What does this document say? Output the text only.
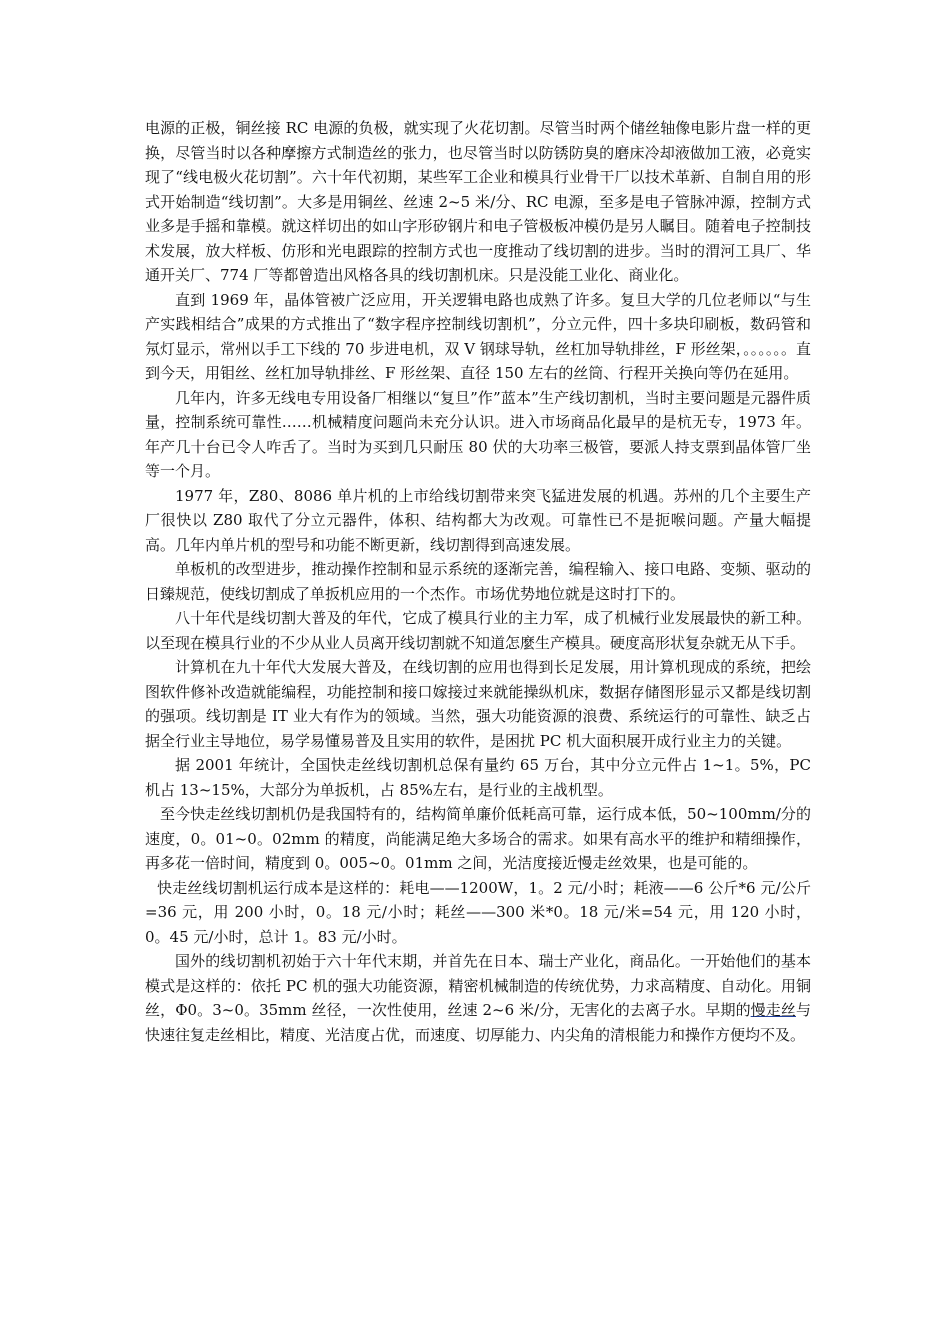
电源的正极，铜丝接 RC 电源的负极，就实现了火花切割。尽管当时两个储丝轴像电影片盘一样的更换，尽管当时以各种摩擦方式制造丝的张力，也尽管当时以防锈防臭的磨床冷却液做加工液，必竟实现了“线电极火花切割”。六十年代初期，某些军工企业和模具行业骨干厂以技术革新、自制自用的形式开始制造“线切割”。大多是用铜丝、丝速 2~5 米/分、RC 电源，至多是电子管脉冲源，控制方式业多是手摇和靠模。就这样切出的如山字形矽钢片和电子管极板冲模仍是另人瞩目。随着电子控制技术发展，放大样板、仿形和光电跟踪的控制方式也一度推动了线切割的进步。当时的渭河工具厂、华通开关厂、774 厂等都曾造出风格各具的线切割机床。只是没能工业化、商业化。

直到 1969 年，晶体管被广泛应用，开关逻辑电路也成熟了许多。复旦大学的几位老师以“与生产实践相结合”成果的方式推出了“数字程序控制线切割机”，分立元件，四十多块印刷板，数码管和氖灯显示，常州以手工下线的 70 步进电机，双 V 钢球导轨，丝杠加导轨排丝，F 形丝架，。。。。。。直到今天，用钼丝、丝杠加导轨排丝、F 形丝架、直径 150 左右的丝筒、行程开关换向等仍在延用。

几年内，许多无线电专用设备厂相继以“复旦”作”蓝本”生产线切割机，当时主要问题是元器件质量，控制系统可靠性……机械精度问题尚未充分认识。进入市场商品化最早的是杭无专，1973 年。年产几十台已令人咋舌了。当时为买到几只耐压 80 伏的大功率三极管，要派人持支票到晶体管厂坐等一个月。

1977 年，Z80、8086 单片机的上市给线切割带来突飞猛进发展的机遇。苏州的几个主要生产厂很快以 Z80 取代了分立元器件，体积、结构都大为改观。可靠性已不是扼喉问题。产量大幅提高。几年内单片机的型号和功能不断更新，线切割得到高速发展。

单板机的改型进步，推动操作控制和显示系统的逐渐完善，编程输入、接口电路、变频、驱动的日臻规范，使线切割成了单扳机应用的一个杰作。市场优势地位就是这时打下的。

八十年代是线切割大普及的年代，它成了模具行业的主力军，成了机械行业发展最快的新工种。以至现在模具行业的不少从业人员离开线切割就不知道怎麼生产模具。硬度高形状复杂就无从下手。

计算机在九十年代大发展大普及，在线切割的应用也得到长足发展，用计算机现成的系统，把绘图软件修补改造就能编程，功能控制和接口嫁接过来就能操纵机床，数据存储图形显示又都是线切割的强项。线切割是 IT 业大有作为的领域。当然，强大功能资源的浪费、系统运行的可靠性、缺乏占据全行业主导地位，易学易懂易普及且实用的软件，是困扰 PC 机大面积展开成行业主力的关键。

据 2001 年统计，全国快走丝线切割机总保有量约 65 万台，其中分立元件占 1~1。5%，PC 机占 13~15%，大部分为单扳机，占 85%左右，是行业的主战机型。

至今快走丝线切割机仍是我国特有的，结构简单廉价低耗高可靠，运行成本低，50~100mm/分的速度，0。01~0。02mm 的精度，尚能满足绝大多场合的需求。如果有高水平的维护和精细操作，再多花一倍时间，精度到 0。005~0。01mm 之间，光洁度接近慢走丝效果，也是可能的。

快走丝线切割机运行成本是这样的：耗电——1200W，1。2 元/小时；耗液——6 公斤*6 元/公斤=36 元，用 200 小时，0。18 元/小时；耗丝——300 米*0。18 元/米=54 元，用 120 小时，0。45 元/小时，总计 1。83 元/小时。

国外的线切割机初始于六十年代末期，并首先在日本、瑞士产业化，商品化。一开始他们的基本模式是这样的：依托 PC 机的强大功能资源，精密机械制造的传统优势，力求高精度、自动化。用铜丝，Φ0。3~0。35mm 丝径，一次性使用，丝速 2~6 米/分，无害化的去离子水。早期的慢走丝与快速往复走丝相比，精度、光洁度占优，而速度、切厚能力、内尖角的清根能力和操作方便均不及。
